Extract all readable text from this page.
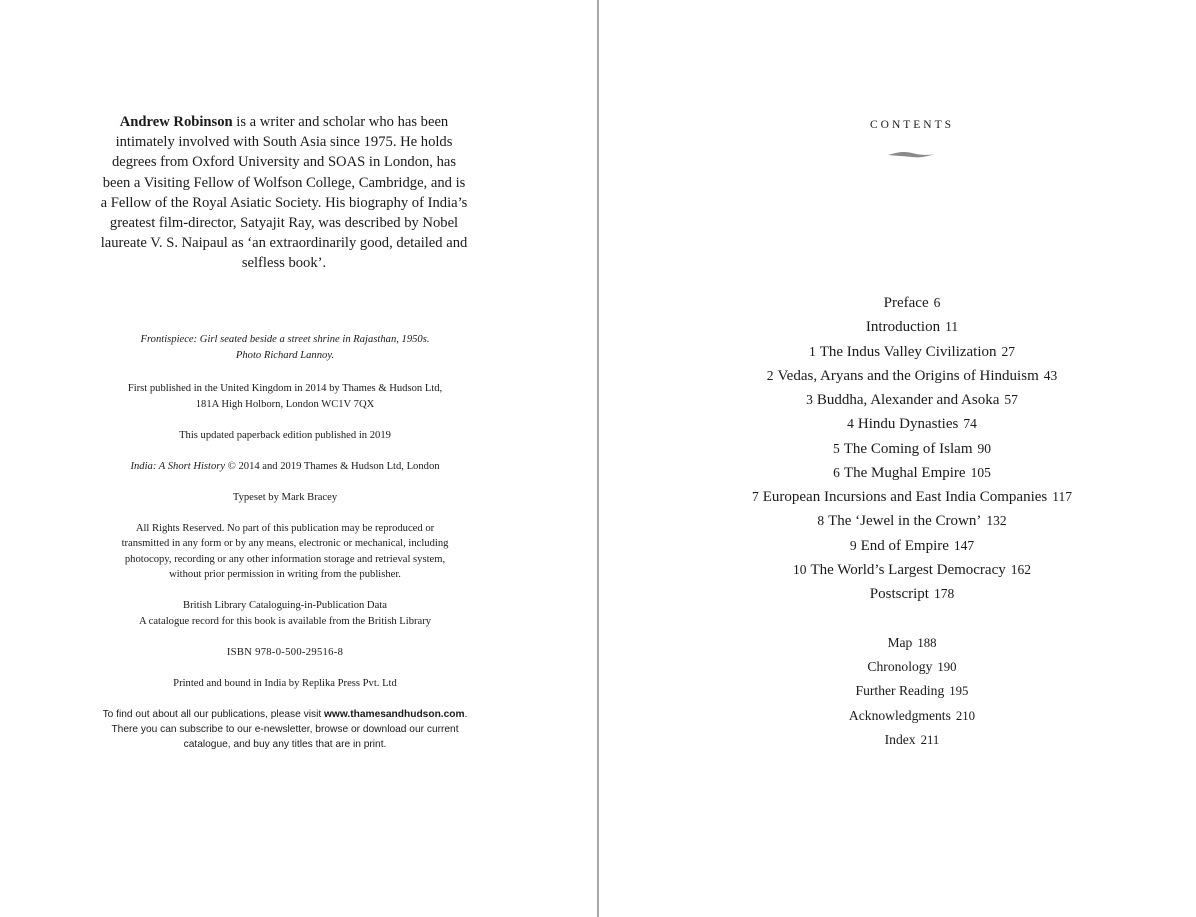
Andrew Robinson is a writer and scholar who has been intimately involved with South Asia since 1975. He holds degrees from Oxford University and SOAS in London, has been a Visiting Fellow of Wolfson College, Cambridge, and is a Fellow of the Royal Asiatic Society. His biography of India’s greatest film-director, Satyajit Ray, was described by Nobel laureate V. S. Naipaul as ‘an extraordinarily good, detailed and selfless book’.

Frontispiece: Girl seated beside a street shrine in Rajasthan, 1950s.
Photo Richard Lannoy.

First published in the United Kingdom in 2014 by Thames & Hudson Ltd,
181A High Holborn, London WC1V 7QX

This updated paperback edition published in 2019

India: A Short History © 2014 and 2019 Thames & Hudson Ltd, London

Typeset by Mark Bracey

All Rights Reserved. No part of this publication may be reproduced or
transmitted in any form or by any means, electronic or mechanical, including
photocopy, recording or any other information storage and retrieval system,
without prior permission in writing from the publisher.

British Library Cataloguing-in-Publication Data
A catalogue record for this book is available from the British Library

ISBN 978-0-500-29516-8

Printed and bound in India by Replika Press Pvt. Ltd

To find out about all our publications, please visit www.thamesandhudson.com.
There you can subscribe to our e-newsletter, browse or download our current
catalogue, and buy any titles that are in print.

CONTENTS
Preface 6
Introduction 11
1 The Indus Valley Civilization 27
2 Vedas, Aryans and the Origins of Hinduism 43
3 Buddha, Alexander and Asoka 57
4 Hindu Dynasties 74
5 The Coming of Islam 90
6 The Mughal Empire 105
7 European Incursions and East India Companies 117
8 The ‘Jewel in the Crown’ 132
9 End of Empire 147
10 The World’s Largest Democracy 162
Postscript 178
Map 188
Chronology 190
Further Reading 195
Acknowledgments 210
Index 211
